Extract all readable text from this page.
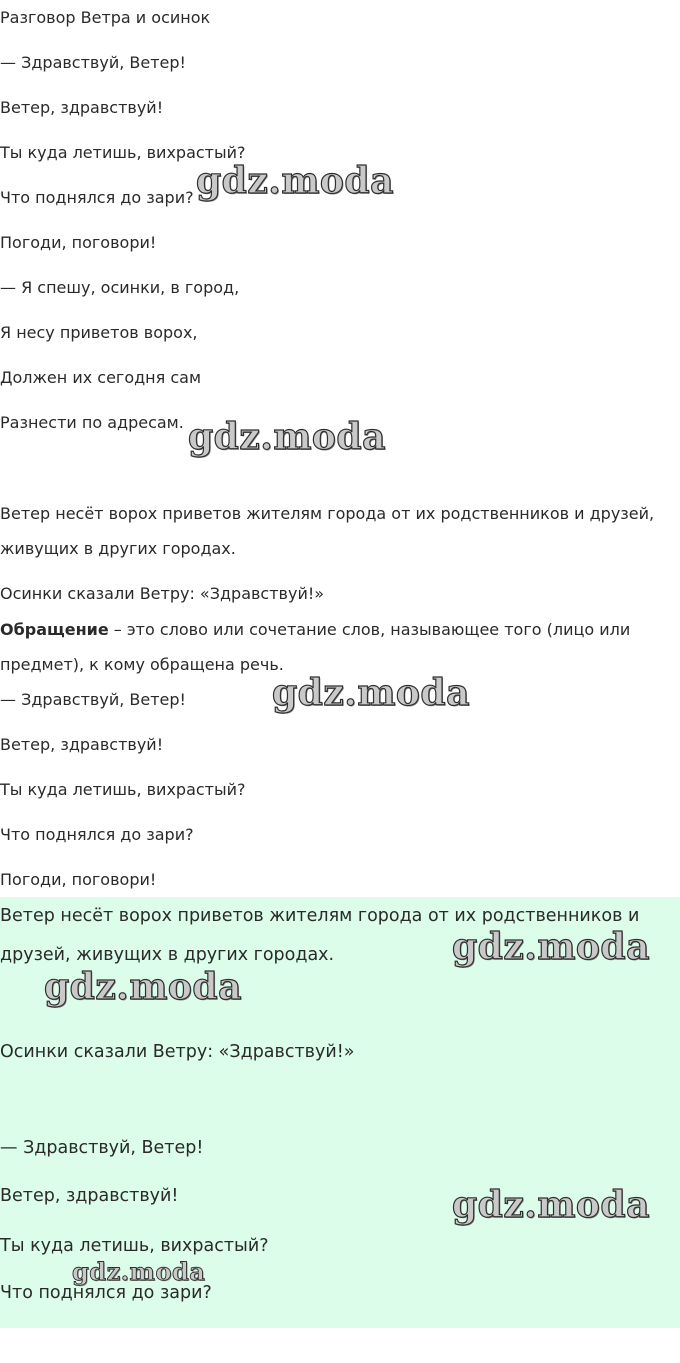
Разговор Ветра и осинок
— Здравствуй, Ветер!
Ветер, здравствуй!
Ты куда летишь, вихрастый?
Что поднялся до зари?
Погоди, поговори!
— Я спешу, осинки, в город,
Я несу приветов ворох,
Должен их сегодня сам
Разнести по адресам.
Ветер несёт ворох приветов жителям города от их родственников и друзей,
живущих в других городах.
Осинки сказали Ветру: «Здравствуй!»
Обращение – это слово или сочетание слов, называющее того (лицо или
предмет), к кому обращена речь.
— Здравствуй, Ветер!
Ветер, здравствуй!
Ты куда летишь, вихрастый?
Что поднялся до зари?
Погоди, поговори!
Ветер несёт ворох приветов жителям города от их родственников и
друзей, живущих в других городах.
Осинки сказали Ветру: «Здравствуй!»
— Здравствуй, Ветер!
Ветер, здравствуй!
Ты куда летишь, вихрастый?
Что поднялся до зари?
gdz.moda
gdz.moda
gdz.moda
gdz.moda
gdz.moda
gdz.moda
gdz.moda
